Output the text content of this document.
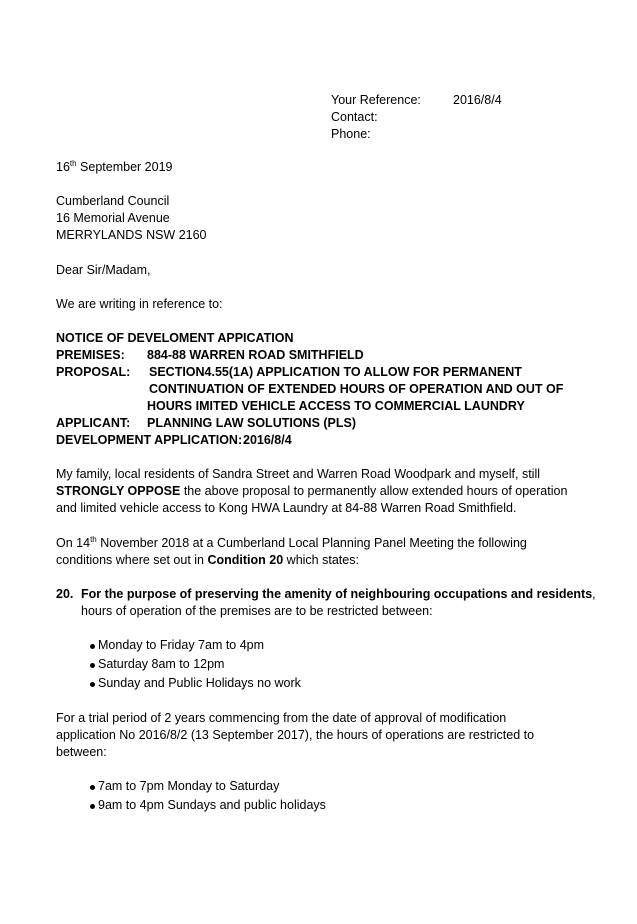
Your Reference:	2016/8/4
Contact:
Phone:
16th September 2019
Cumberland Council
16 Memorial Avenue
MERRYLANDS NSW 2160
Dear Sir/Madam,
We are writing in reference to:
NOTICE OF DEVELOMENT APPICATION
PREMISES: 884-88 WARREN ROAD SMITHFIELD
PROPOSAL: SECTION4.55(1A) APPLICATION TO ALLOW FOR PERMANENT
CONTINUATION OF EXTENDED HOURS OF OPERATION AND OUT OF
HOURS IMITED VEHICLE ACCESS TO COMMERCIAL LAUNDRY
APPLICANT: PLANNING LAW SOLUTIONS (PLS)
DEVELOPMENT APPLICATION: 2016/8/4
My family, local residents of Sandra Street and Warren Road Woodpark and myself, still
STRONGLY OPPOSE the above proposal to permanently allow extended hours of operation
and limited vehicle access to Kong HWA Laundry at 84-88 Warren Road Smithfield.
On 14th November 2018 at a Cumberland Local Planning Panel Meeting the following
conditions where set out in Condition 20 which states:
20. For the purpose of preserving the amenity of neighbouring occupations and residents,
hours of operation of the premises are to be restricted between:
Monday to Friday 7am to 4pm
Saturday 8am to 12pm
Sunday and Public Holidays no work
For a trial period of 2 years commencing from the date of approval of modification
application No 2016/8/2 (13 September 2017), the hours of operations are restricted to
between:
7am to 7pm Monday to Saturday
9am to 4pm Sundays and public holidays
